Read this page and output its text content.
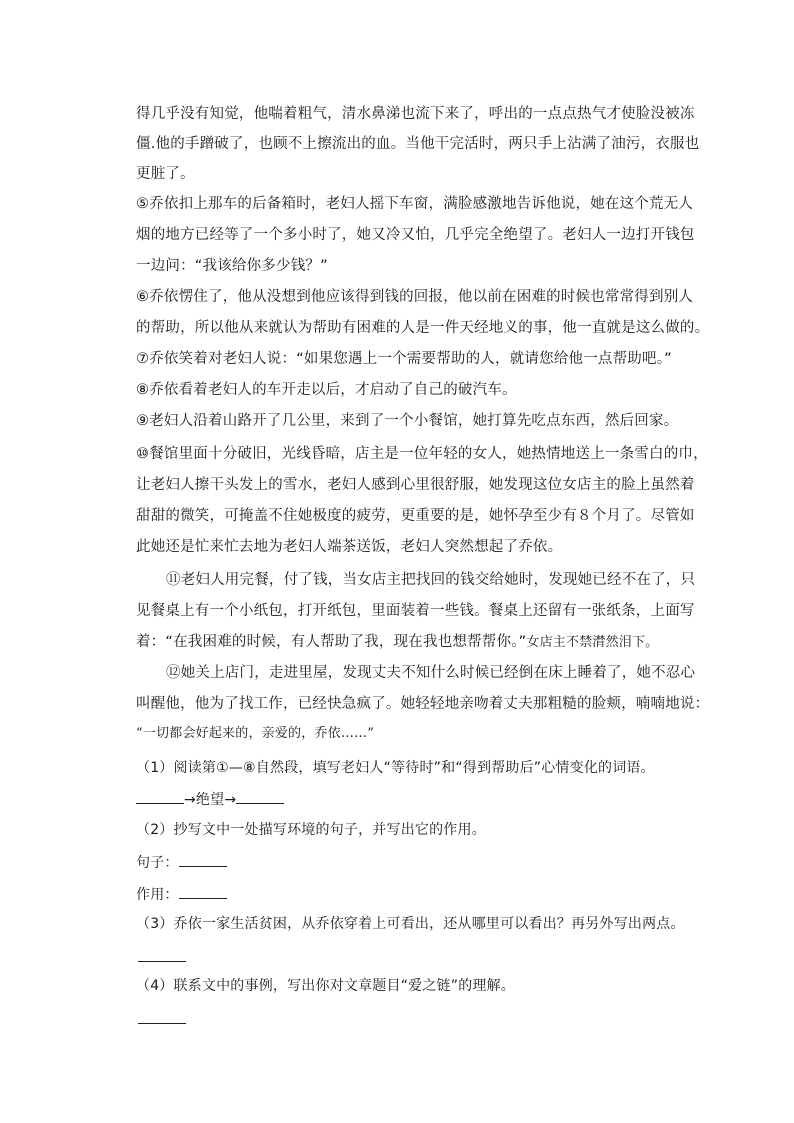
得几乎没有知觉，他喘着粗气，清水鼻涕也流下来了，呼出的一点点热气才使脸没被冻
僵.他的手蹭破了，也顾不上擦流出的血。当他干完活时，两只手上沾满了油污，衣服也
更脏了。
⑤乔依扣上那车的后备箱时，老妇人摇下车窗，满脸感激地告诉他说，她在这个荒无人
烟的地方已经等了一个多小时了，她又冷又怕，几乎完全绝望了。老妇人一边打开钱包
一边问：“我该给你多少钱？”
⑥乔依愣住了，他从没想到他应该得到钱的回报，他以前在困难的时候也常常得到别人
的帮助，所以他从来就认为帮助有困难的人是一件天经地义的事，他一直就是这么做的。
⑦乔依笑着对老妇人说：“如果您遇上一个需要帮助的人，就请您给他一点帮助吧。”
⑧乔依看着老妇人的车开走以后，才启动了自己的破汽车。
⑨老妇人沿着山路开了几公里，来到了一个小餐馆，她打算先吃点东西，然后回家。
⑩餐馆里面十分破旧，光线昏暗，店主是一位年轻的女人，她热情地送上一条雪白的巾，
让老妇人擦干头发上的雪水，老妇人感到心里很舒服，她发现这位女店主的脸上虽然着
甜甜的微笑，可掩盖不住她极度的疲劳，更重要的是，她怀孕至少有８个月了。尽管如
此她还是忙来忙去地为老妇人端茶送饭，老妇人突然想起了乔依。
⑪老妇人用完餐，付了钱，当女店主把找回的钱交给她时，发现她已经不在了，只
见餐桌上有一个小纸包，打开纸包，里面装着一些钱。餐桌上还留有一张纸条，上面写
着：“在我困难的时候，有人帮助了我，现在我也想帮帮你。”女店主不禁潸然泪下。
⑫她关上店门，走进里屋，发现丈夫不知什么时候已经倒在床上睡着了，她不忍心
叫醒他，他为了找工作，已经快急疯了。她轻轻地亲吻着丈夫那粗糙的脸颊，喃喃地说：
“一切都会好起来的，亲爱的，乔依……”
（1）阅读第①—⑧自然段，填写老妇人“等待时”和“得到帮助后”心情变化的词语。
→绝望→
（2）抄写文中一处描写环境的句子，并写出它的作用。
句子：
作用：
（3）乔依一家生活贫困，从乔依穿着上可看出，还从哪里可以看出？再另外写出两点。
（4）联系文中的事例，写出你对文章题目“爱之链”的理解。
